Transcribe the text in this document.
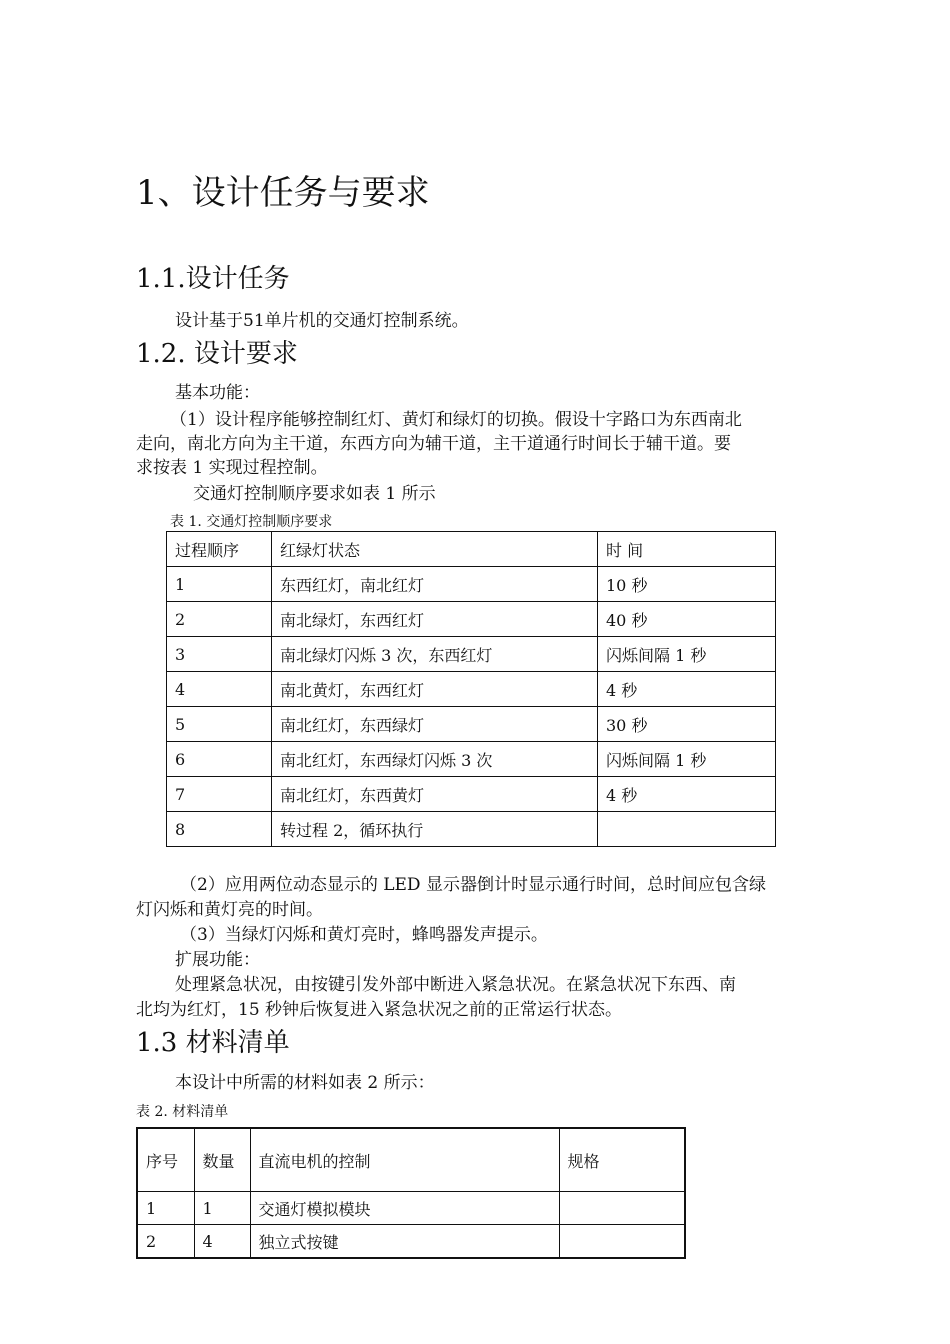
1、设计任务与要求
1.1.设计任务
设计基于51单片机的交通灯控制系统。
1.2. 设计要求
基本功能：
（1）设计程序能够控制红灯、黄灯和绿灯的切换。假设十字路口为东西南北
走向，南北方向为主干道，东西方向为辅干道，主干道通行时间长于辅干道。要
求按表 1 实现过程控制。
交通灯控制顺序要求如表 1 所示
表 1. 交通灯控制顺序要求
过程顺序	红绿灯状态	时 间
1	东西红灯，南北红灯	10 秒
2	南北绿灯，东西红灯	40 秒
3	南北绿灯闪烁 3 次，东西红灯	闪烁间隔 1 秒
4	南北黄灯，东西红灯	4 秒
5	南北红灯，东西绿灯	30 秒
6	南北红灯，东西绿灯闪烁 3 次	闪烁间隔 1 秒
7	南北红灯，东西黄灯	4 秒
8	转过程 2，循环执行	
（2）应用两位动态显示的 LED 显示器倒计时显示通行时间，总时间应包含绿
灯闪烁和黄灯亮的时间。
（3）当绿灯闪烁和黄灯亮时，蜂鸣器发声提示。
扩展功能：
处理紧急状况，由按键引发外部中断进入紧急状况。在紧急状况下东西、南
北均为红灯，15 秒钟后恢复进入紧急状况之前的正常运行状态。
1.3 材料清单
本设计中所需的材料如表 2 所示：
表 2. 材料清单
序号	数量	直流电机的控制	规格
1	1	交通灯模拟模块	
2	4	独立式按键	
